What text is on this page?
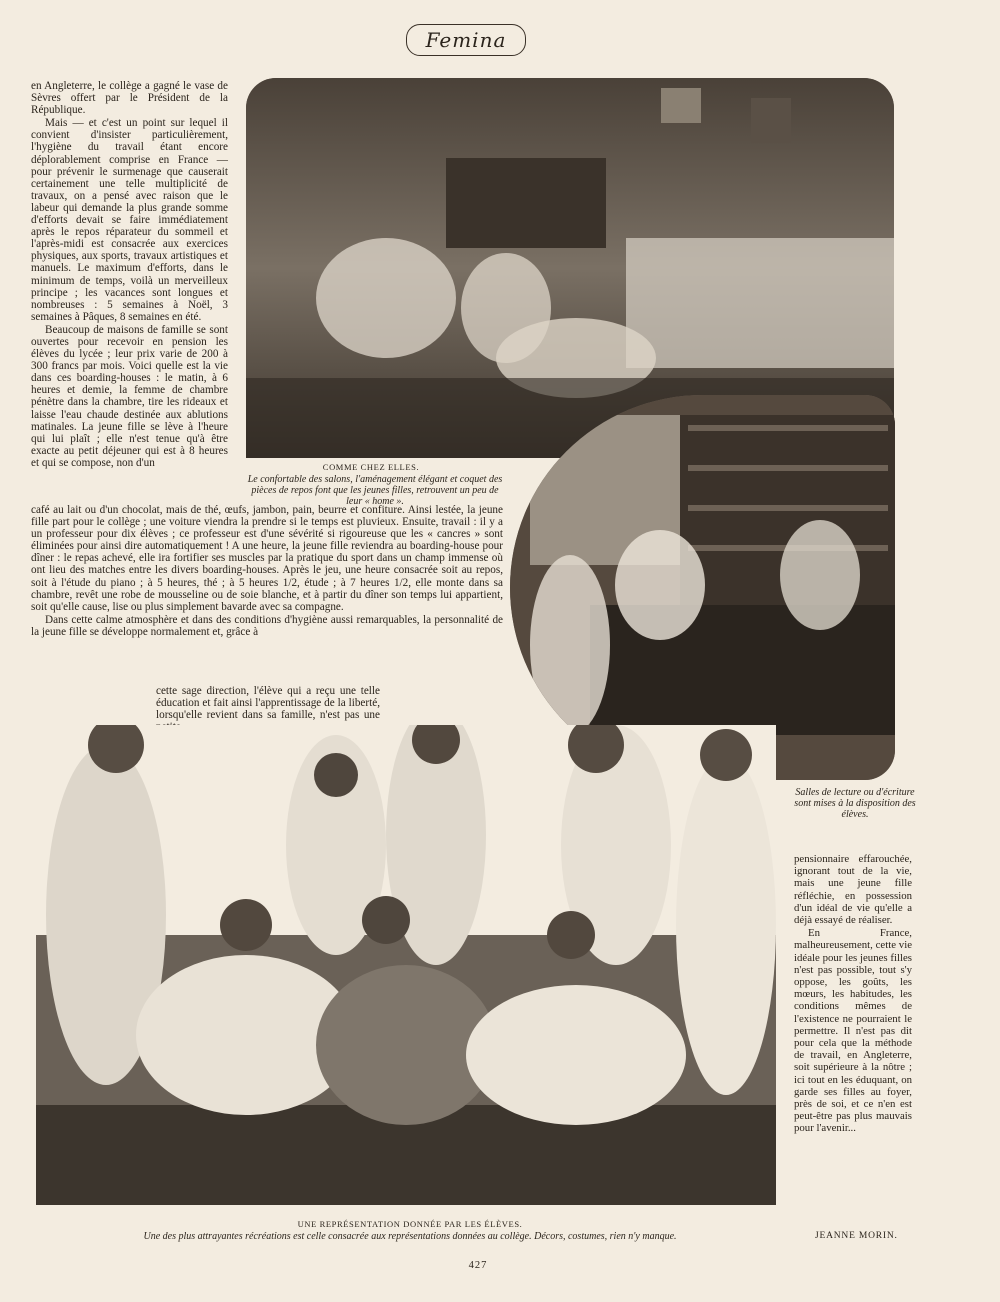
Femina

en Angleterre, le collège a gagné le vase de Sèvres offert par le Président de la République.

Mais — et c'est un point sur lequel il convient d'insister particulièrement, l'hygiène du travail étant encore déplorablement comprise en France — pour prévenir le surmenage que causerait certainement une telle multiplicité de travaux, on a pensé avec raison que le labeur qui demande la plus grande somme d'efforts devait se faire immédiatement après le repos réparateur du sommeil et l'après-midi est consacrée aux exercices physiques, aux sports, travaux artistiques et manuels. Le maximum d'efforts, dans le minimum de temps, voilà un merveilleux principe ; les vacances sont longues et nombreuses : 5 semaines à Noël, 3 semaines à Pâques, 8 semaines en été.

Beaucoup de maisons de famille se sont ouvertes pour recevoir en pension les élèves du lycée ; leur prix varie de 200 à 300 francs par mois. Voici quelle est la vie dans ces boarding-houses : le matin, à 6 heures et demie, la femme de chambre pénètre dans la chambre, tire les rideaux et laisse l'eau chaude destinée aux ablutions matinales. La jeune fille se lève à l'heure qui lui plaît ; elle n'est tenue qu'à être exacte au petit déjeuner qui est à 8 heures et qui se compose, non d'un	COMME CHEZ ELLES.
Le confortable des salons, l'aménagement élégant et coquet des pièces de repos font que les jeunes filles, retrouvent un peu de leur « home ».

café au lait ou d'un chocolat, mais de thé, œufs, jambon, pain, beurre et confiture. Ainsi lestée, la jeune fille part pour le collège ; une voiture viendra la prendre si le temps est pluvieux. Ensuite, travail : il y a un professeur pour dix élèves ; ce professeur est d'une sévérité si rigoureuse que les « cancres » sont éliminées pour ainsi dire automatiquement ! A une heure, la jeune fille reviendra au boarding-house pour dîner : le repas achevé, elle ira fortifier ses muscles par la pratique du sport dans un champ immense où ont lieu des matches entre les divers boarding-houses. Après le jeu, une heure consacrée soit au repos, soit à l'étude du piano ; à 5 heures, thé ; à 5 heures 1/2, étude ; à 7 heures 1/2, elle monte dans sa chambre, revêt une robe de mousseline ou de soie blanche, et à partir du dîner son temps lui appartient, soit qu'elle cause, lise ou plus simplement bavarde avec sa compagne.

Dans cette calme atmosphère et dans des conditions d'hygiène aussi remarquables, la personnalité de la jeune fille se développe normalement et, grâce à

cette sage direction, l'élève qui a reçu une telle éducation et fait ainsi l'apprentissage de la liberté, lorsqu'elle revient dans sa famille, n'est pas une
Salles de lecture ou d'écriture sont mises à la disposition des élèves.
UNE REPRÉSENTATION DONNÉE PAR LES ÉLÈVES.
Une des plus attrayantes récréations est celle consacrée aux représentations données au collège. Décors, costumes, rien n'y manque.

pensionnaire effarouchée, ignorant tout de la vie, mais une jeune fille réfléchie, en possession d'un idéal de vie qu'elle a déjà essayé de réaliser.

En France, malheureusement, cette vie idéale pour les jeunes filles n'est pas possible, tout s'y oppose, les goûts, les mœurs, les habitudes, les conditions mêmes de l'existence ne pourraient le permettre. Il n'est pas dit pour cela que la méthode de travail, en Angleterre, soit supérieure à la nôtre ; ici tout en les éduquant, on garde ses filles au foyer, près de soi, et ce n'en est peut-être pas plus mauvais pour l'avenir...

JEANNE MORIN.
427
